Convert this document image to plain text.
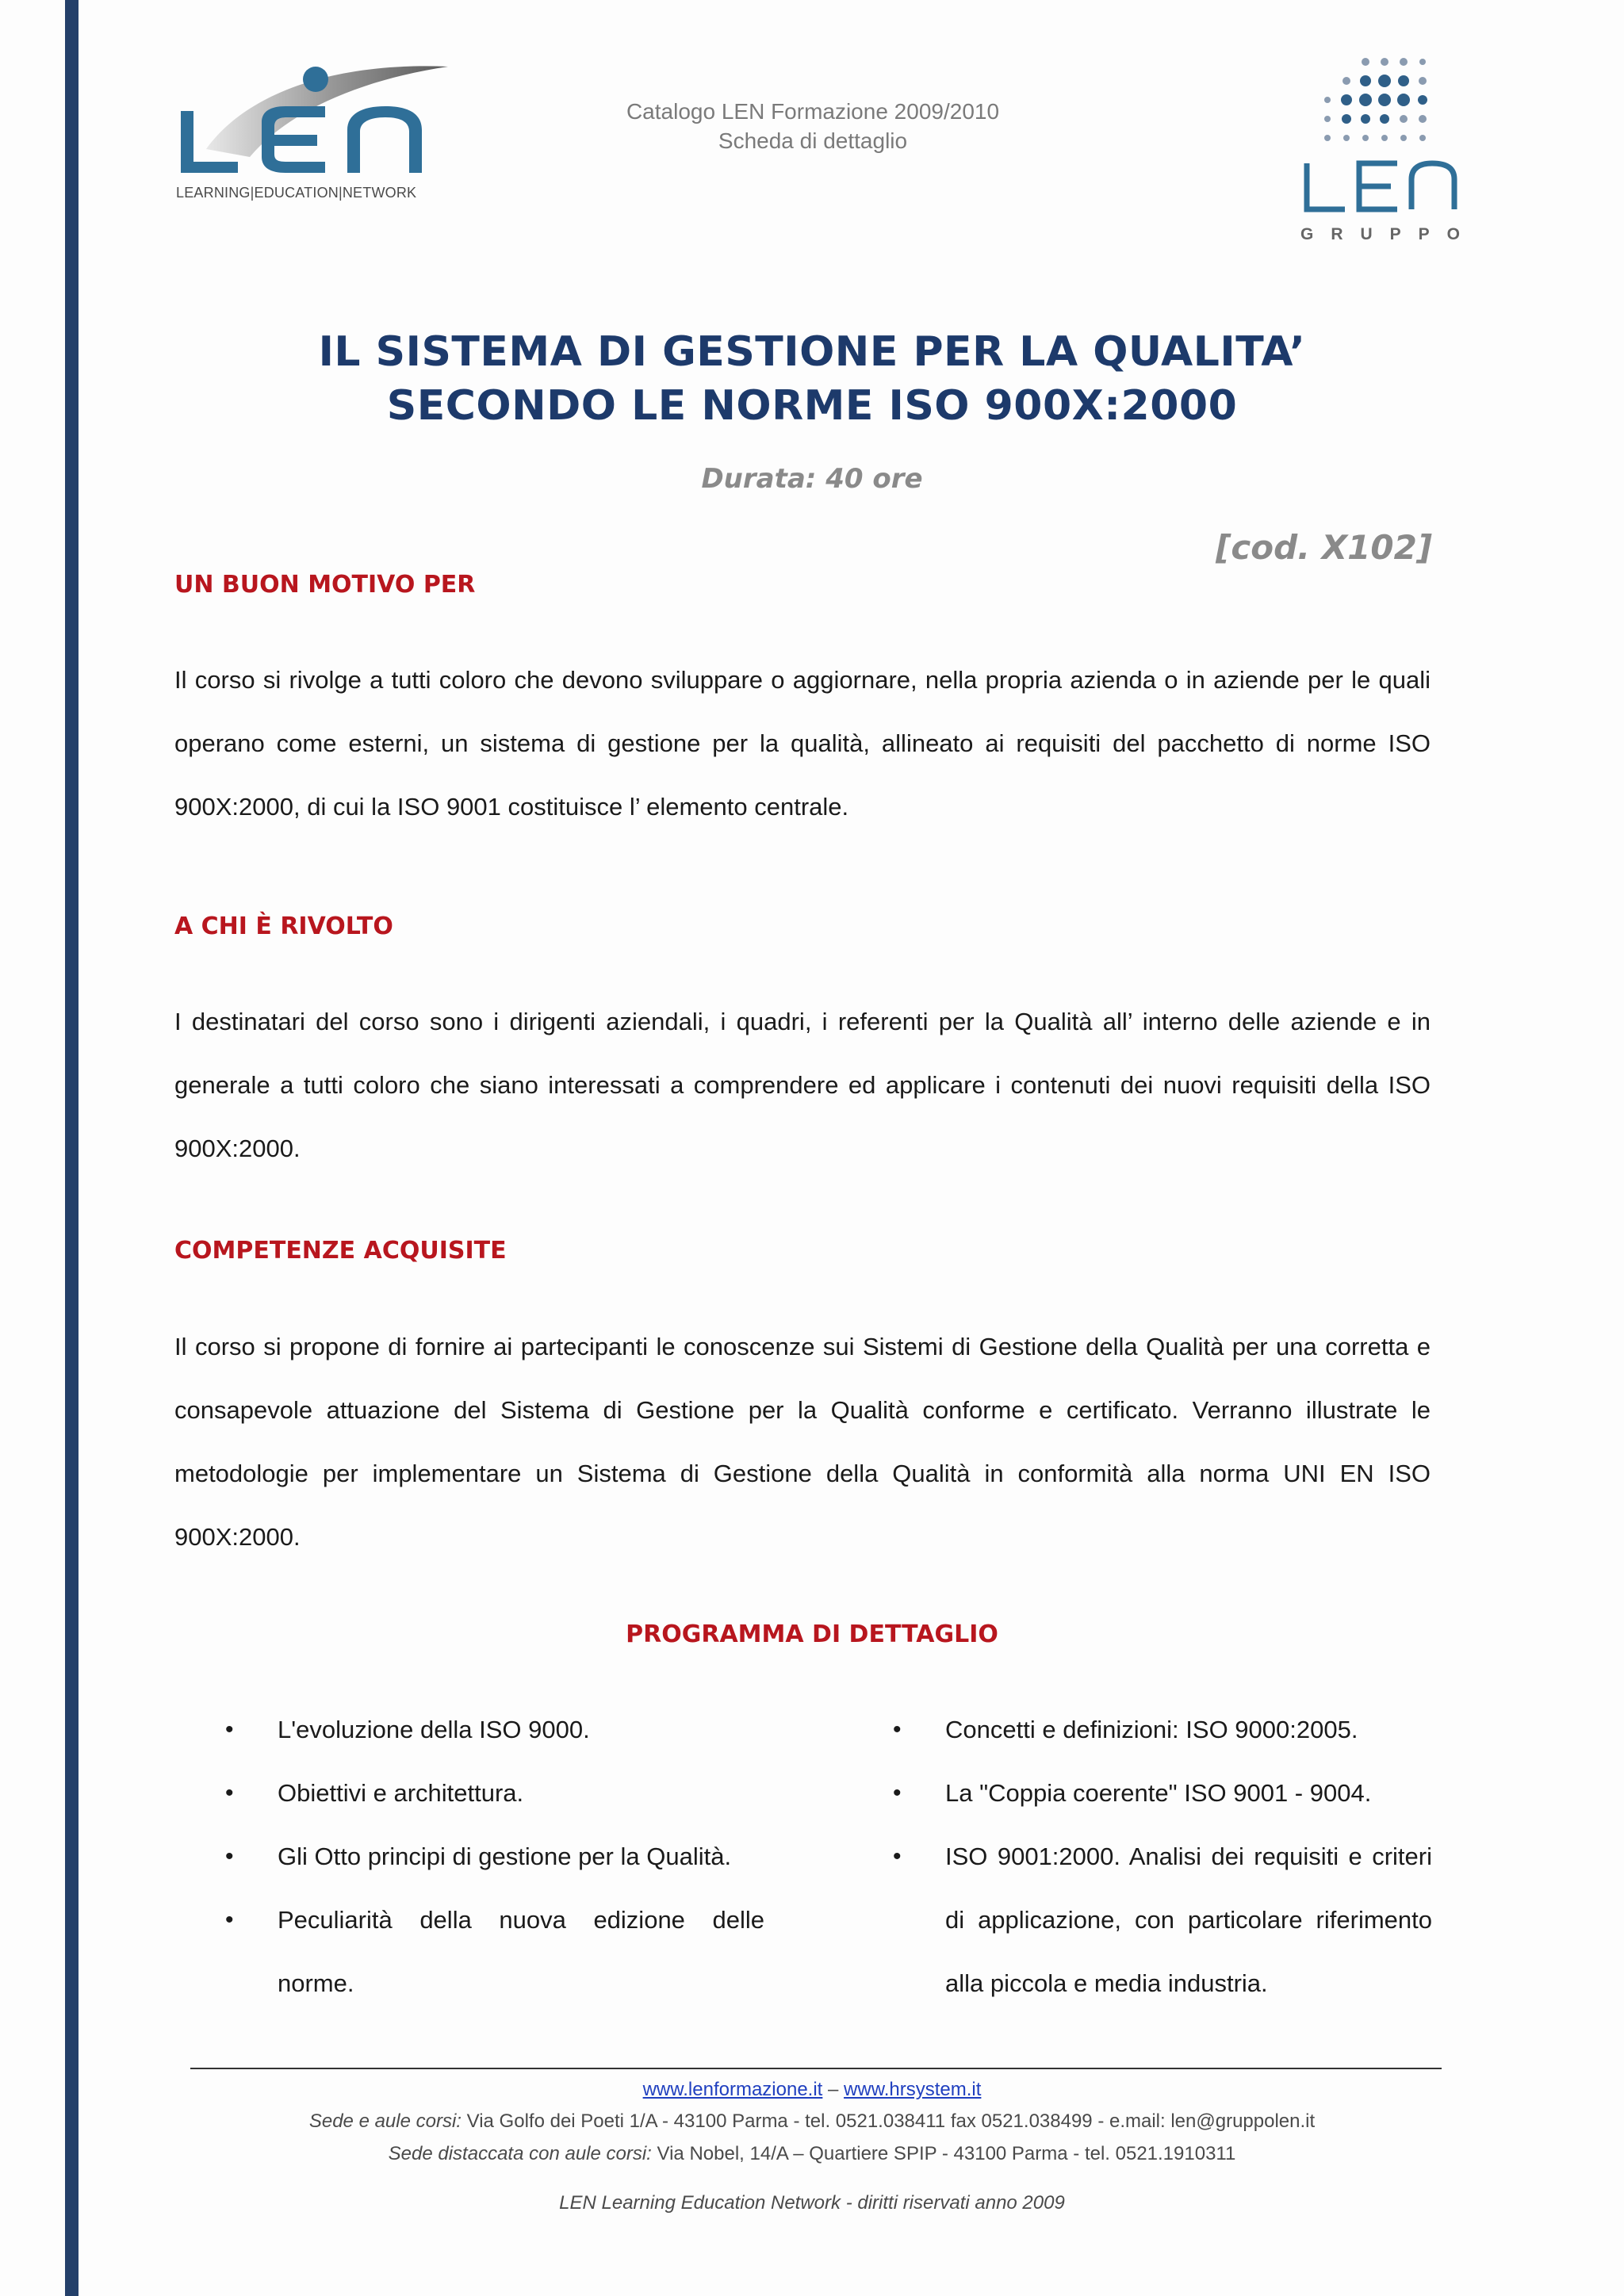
LEARNING|EDUCATION|NETWORK
Catalogo LEN Formazione 2009/2010
Scheda di dettaglio
GRUPPO
IL SISTEMA DI GESTIONE PER LA QUALITA’
SECONDO LE NORME ISO 900X:2000
Durata: 40 ore
[cod. X102]
UN BUON MOTIVO PER
Il corso si rivolge a tutti coloro che devono sviluppare o aggiornare, nella propria azienda o in aziende per le quali operano come esterni, un sistema di gestione per la qualità, allineato ai requisiti del pacchetto di norme ISO 900X:2000, di cui la ISO 9001 costituisce l’ elemento centrale.
A CHI È RIVOLTO
I destinatari del corso sono i dirigenti aziendali, i quadri, i referenti per la Qualità all’ interno delle aziende e in generale a tutti coloro che siano interessati a comprendere ed applicare i contenuti dei nuovi requisiti della ISO 900X:2000.
COMPETENZE ACQUISITE
Il corso si propone di fornire ai partecipanti le conoscenze sui Sistemi di Gestione della Qualità per una corretta e consapevole attuazione del Sistema di Gestione per la Qualità conforme e certificato. Verranno illustrate le metodologie per implementare un Sistema di Gestione della Qualità in conformità alla norma UNI EN ISO 900X:2000.
PROGRAMMA DI DETTAGLIO
• L'evoluzione della ISO 9000.
• Obiettivi e architettura.
• Gli Otto principi di gestione per la Qualità.
• Peculiarità della nuova edizione delle norme.
• Concetti e definizioni: ISO 9000:2005.
• La "Coppia coerente" ISO 9001 - 9004.
• ISO 9001:2000. Analisi dei requisiti e criteri di applicazione, con particolare riferimento alla piccola e media industria.
www.lenformazione.it – www.hrsystem.it
Sede e aule corsi: Via Golfo dei Poeti 1/A - 43100 Parma - tel. 0521.038411 fax 0521.038499 - e.mail: len@gruppolen.it
Sede distaccata con aule corsi: Via Nobel, 14/A – Quartiere SPIP - 43100 Parma - tel. 0521.1910311
LEN Learning Education Network - diritti riservati anno 2009
